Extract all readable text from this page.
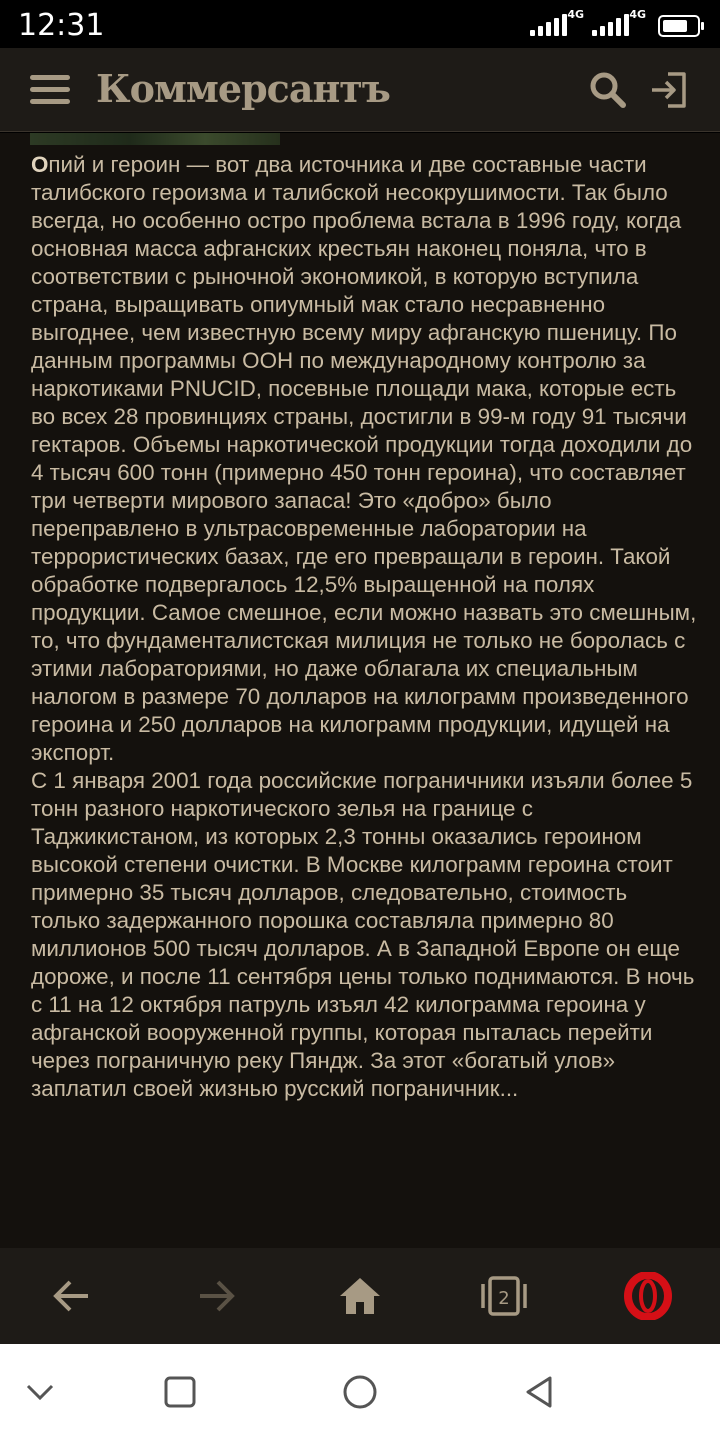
12:31	4G	4G
Коммерсантъ

Опий и героин — вот два источника и две составные части талибского героизма и талибской несокрушимости. Так было всегда, но особенно остро проблема встала в 1996 году, когда основная масса афганских крестьян наконец поняла, что в соответствии с рыночной экономикой, в которую вступила страна, выращивать опиумный мак стало несравненно выгоднее, чем известную всему миру афганскую пшеницу. По данным программы ООН по международному контролю за наркотиками PNUCID, посевные площади мака, которые есть во всех 28 провинциях страны, достигли в 99-м году 91 тысячи гектаров. Объемы наркотической продукции тогда доходили до 4 тысяч 600 тонн (примерно 450 тонн героина), что составляет три четверти мирового запаса! Это «добро» было переправлено в ультрасовременные лаборатории на террористических базах, где его превращали в героин. Такой обработке подвергалось 12,5% выращенной на полях продукции. Самое смешное, если можно назвать это смешным, то, что фундаменталистская милиция не только не боролась с этими лабораториями, но даже облагала их специальным налогом в размере 70 долларов на килограмм произведенного героина и 250 долларов на килограмм продукции, идущей на экспорт.

С 1 января 2001 года российские пограничники изъяли более 5 тонн разного наркотического зелья на границе с Таджикистаном, из которых 2,3 тонны оказались героином высокой степени очистки. В Москве килограмм героина стоит примерно 35 тысяч долларов, следовательно, стоимость только задержанного порошка составляла примерно 80 миллионов 500 тысяч долларов. А в Западной Европе он еще дороже, и после 11 сентября цены только поднимаются. В ночь с 11 на 12 октября патруль изъял 42 килограмма героина у афганской вооруженной группы, которая пыталась перейти через пограничную реку Пяндж. За этот «богатый улов» заплатил своей жизнью русский пограничник...

2
